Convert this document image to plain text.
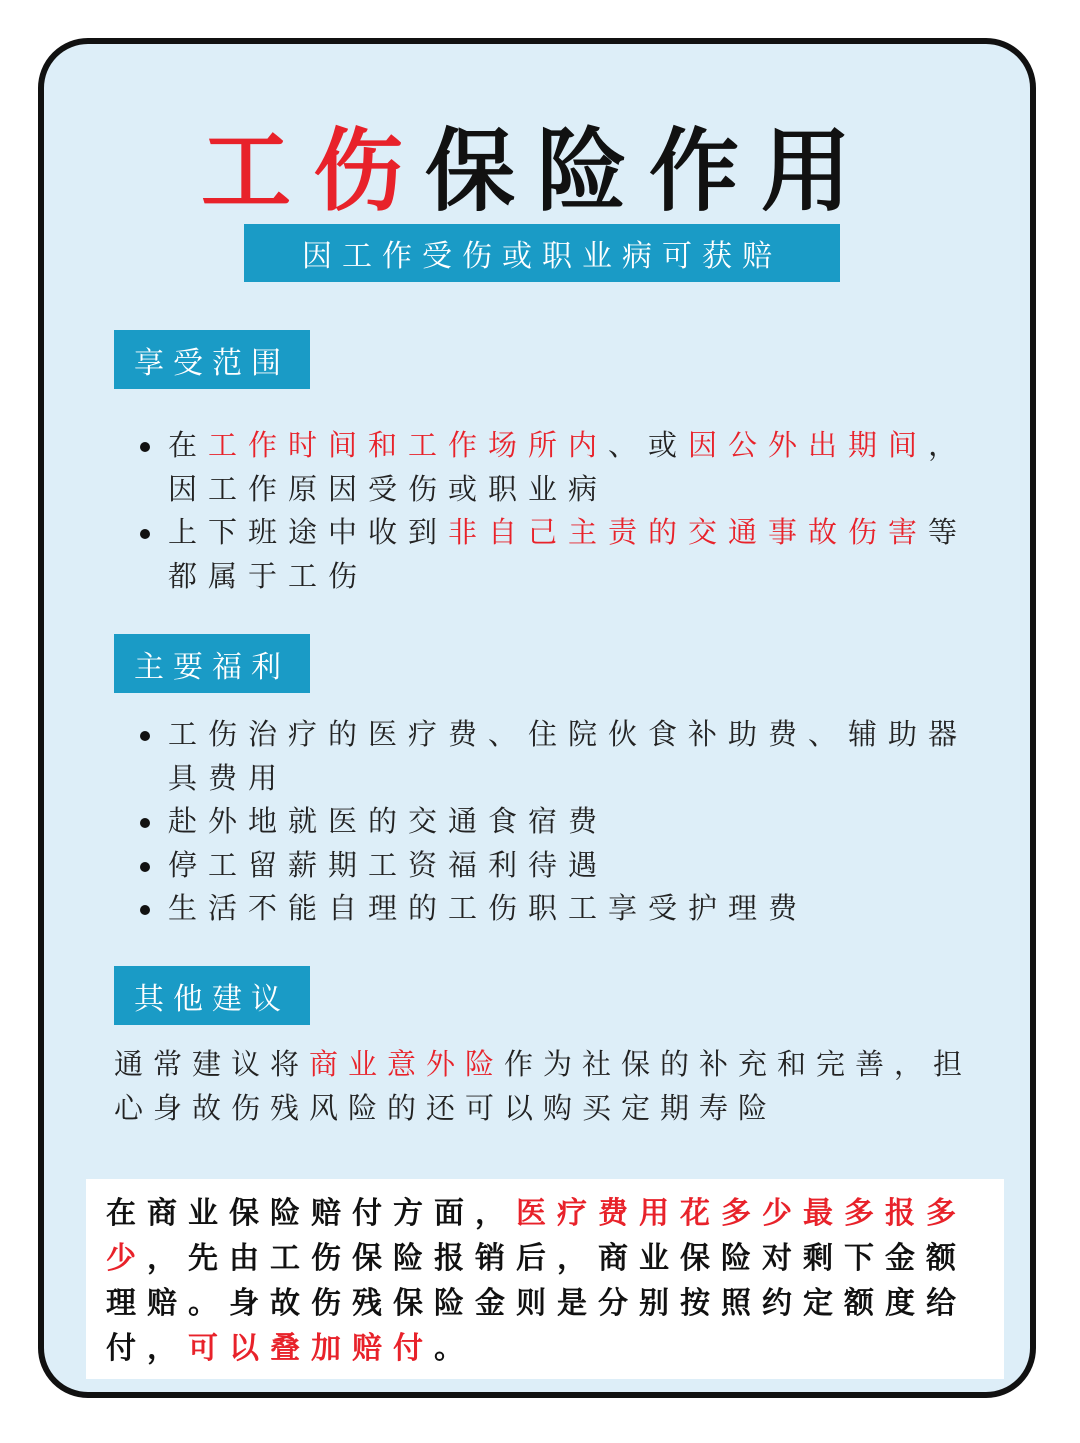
工伤保险作用
因工作受伤或职业病可获赔
享受范围
在工作时间和工作场所内、或因公外出期间，因工作原因受伤或职业病
上下班途中收到非自己主责的交通事故伤害等都属于工伤
主要福利
工伤治疗的医疗费、住院伙食补助费、辅助器具费用
赴外地就医的交通食宿费
停工留薪期工资福利待遇
生活不能自理的工伤职工享受护理费
其他建议
通常建议将商业意外险作为社保的补充和完善，担心身故伤残风险的还可以购买定期寿险
在商业保险赔付方面，医疗费用花多少最多报多少，先由工伤保险报销后，商业保险对剩下金额理赔。身故伤残保险金则是分别按照约定额度给付，可以叠加赔付。
